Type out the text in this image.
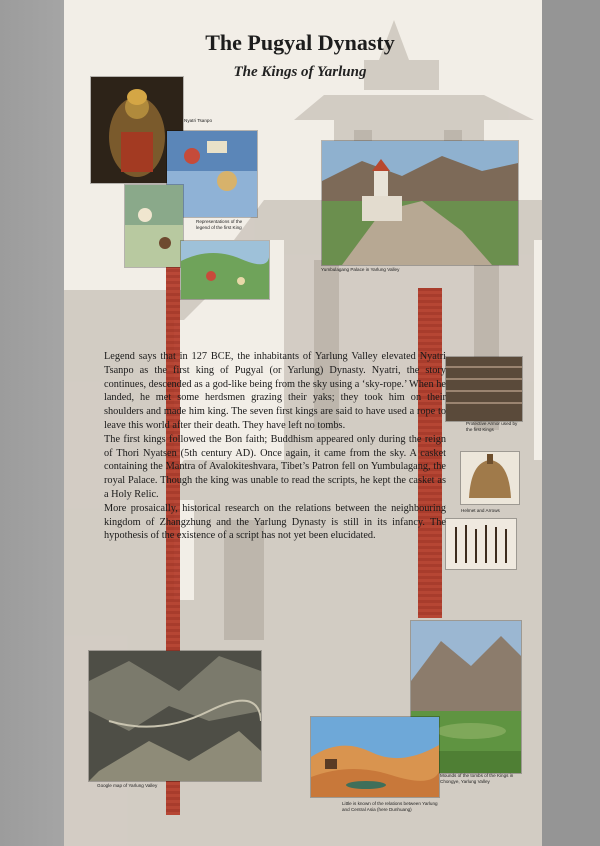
The Pugyal Dynasty
The Kings of Yarlung
Nyatri Tsanpo
Representations of the legend of the first King
Yumbulagang Palace in Yarlung Valley

Legend says that in 127 BCE, the inhabitants of Yarlung Valley elevated Nyatri Tsanpo as the first king of Pugyal (or Yarlung) Dynasty. Nyatri, the story continues, descended as a god-like being from the sky using a ‘sky-rope.’ When he landed, he met some herdsmen grazing their yaks; they took him on their shoulders and made him king. The seven first kings are said to have used a rope to leave this world after their death. They have left no tombs.

The first kings followed the Bon faith; Buddhism appeared only during the reign of Thori Nyatsen (5th century AD). Once again, it came from the sky. A casket containing the Mantra of Avalokiteshvara, Tibet’s Patron fell on Yumbulagang, the royal Palace. Though the king was unable to read the scripts, he kept the casket as a Holy Relic.

More prosaically, historical research on the relations between the neighbouring kingdom of Zhangzhung and the Yarlung Dynasty is still in its infancy. The hypothesis of the existence of a script has not yet been elucidated.

Protective Armor used by the first Kings
Helmet and Arrows
Mounds of the tombs of the Kings in Chongye, Yarlung Valley
Google map of Yarlung Valley
Little is known of the relations between Yarlung and Central Asia (here Dunhuang)
